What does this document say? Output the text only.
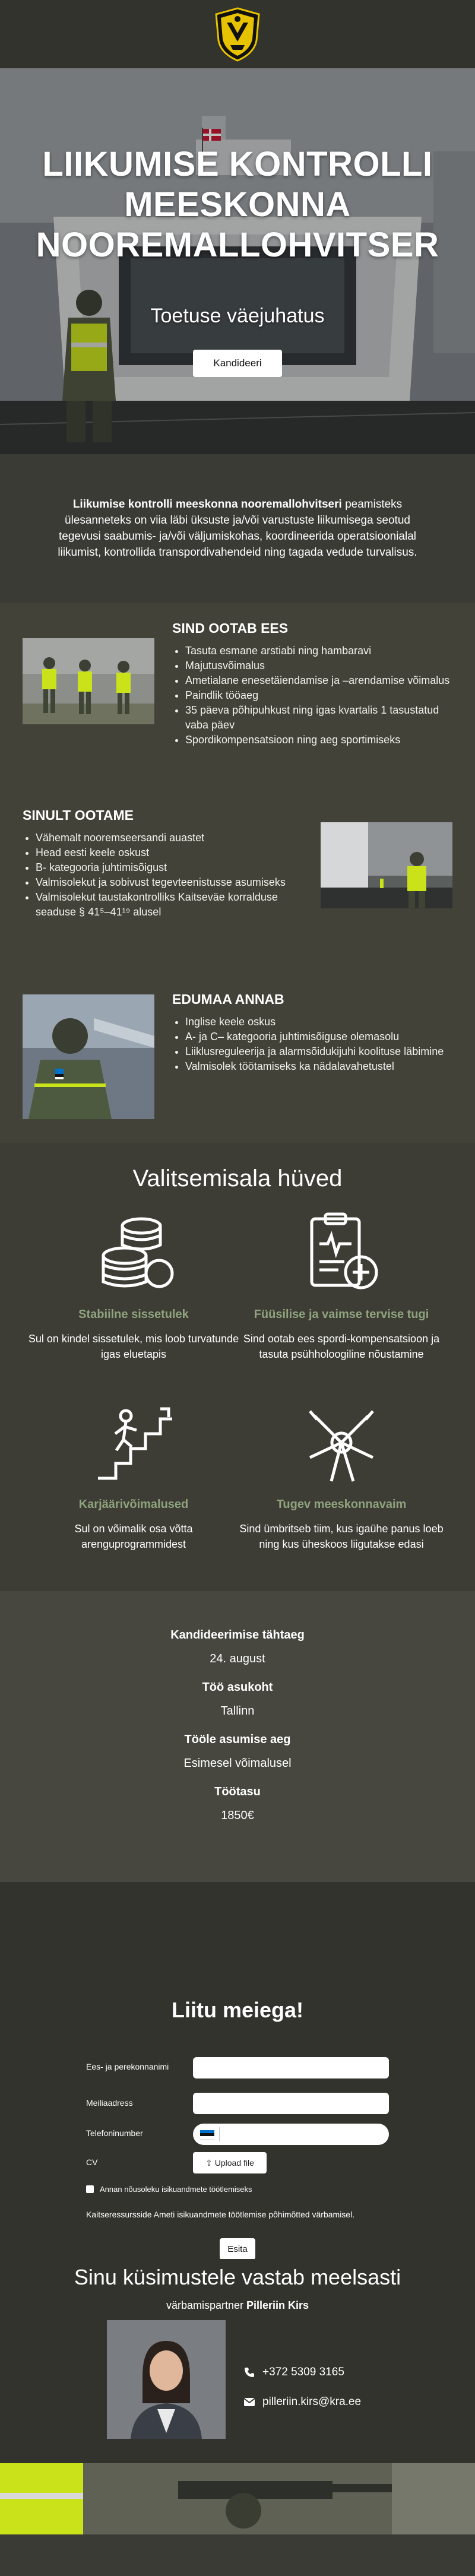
LIIKUMISE KONTROLLI MEESKONNA NOOREMALLOHVITSER
Toetuse väejuhatus
Kandideeri

Liikumise kontrolli meeskonna nooremallohvitseri peamisteks ülesanneteks on viia läbi üksuste ja/või varustuste liikumisega seotud tegevusi saabumis- ja/või väljumiskohas, koordineerida operatsioonialal liikumist, kontrollida transpordivahendeid ning tagada vedude turvalisus.

SIND OOTAB EES
• Tasuta esmane arstiabi ning hambaravi
• Majutusvõimalus
• Ametialane enesetäiendamise ja –arendamise võimalus
• Paindlik tööaeg
• 35 päeva põhipuhkust ning igas kvartalis 1 tasustatud vaba päev
• Spordikompensatsioon ning aeg sportimiseks
SINULT OOTAME
• Vähemalt nooremseersandi auastet
• Head eesti keele oskust
• B- kategooria juhtimisõigust
• Valmisolekut ja sobivust tegevteenistusse asumiseks
• Valmisolekut taustakontrolliks Kaitseväe korralduse seaduse § 41⁵–41¹⁹ alusel
EDUMAA ANNAB
• Inglise keele oskus
• A- ja C– kategooria juhtimisõiguse olemasolu
• Liiklusreguleerija ja alarmsõidukijuhi koolituse läbimine
• Valmisolek töötamiseks ka nädalavahetustel
Valitsemisala hüved
Stabiilne sissetulek
Sul on kindel sissetulek, mis loob turvatunde igas eluetapis
Füüsilise ja vaimse tervise tugi
Sind ootab ees spordi-kompensatsioon ja tasuta psühholoogiline nõustamine
Karjäärivõimalused
Sul on võimalik osa võtta arenguprogrammidest
Tugev meeskonnavaim
Sind ümbritseb tiim, kus igaühe panus loeb ning kus üheskoos liigutakse edasi
Kandideerimise tähtaeg
24. august
Töö asukoht
Tallinn
Tööle asumise aeg
Esimesel võimalusel
Töötasu
1850€
Liitu meiega!
Ees- ja perekonnanimi
Meiliaadress
Telefoninumber
CV	⇪ Upload file
Annan nõusoleku isikuandmete töötlemiseks
Kaitseressursside Ameti isikuandmete töötlemise põhimõtted värbamisel.
Esita
Sinu küsimustele vastab meelsasti
värbamispartner Pilleriin Kirs
+372 5309 3165
pilleriin.kirs@kra.ee
